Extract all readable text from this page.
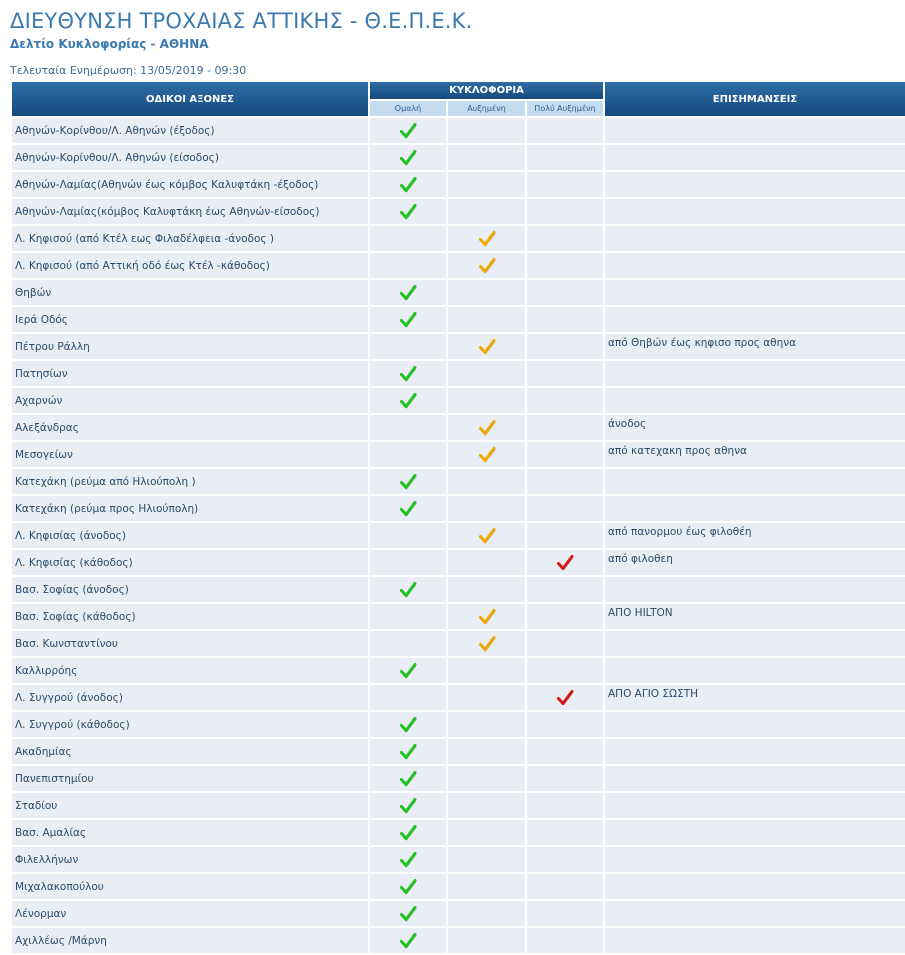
ΔΙΕΥΘΥΝΣΗ ΤΡΟΧΑΙΑΣ ΑΤΤΙΚΗΣ - Θ.Ε.Π.Ε.Κ.
Δελτίο Κυκλοφορίας - ΑΘΗΝΑ
Τελευταία Ενημέρωση: 13/05/2019 - 09:30
ΟΔΙΚΟΙ ΑΞΟΝΕΣ	ΚΥΚΛΟΦΟΡΙΑ			ΕΠΙΣΗΜΑΝΣΕΙΣ
	Ομαλή	Αυξημένη	Πολύ Αυξημένη	
Αθηνών-Κορίνθου/Λ. Αθηνών (έξοδος)				
Αθηνών-Κορίνθου/Λ. Αθηνών (είσοδος)				
Αθηνών-Λαμίας(Αθηνών έως κόμβος Καλυφτάκη -έξοδος)				
Αθηνών-Λαμίας(κόμβος Καλυφτάκη έως Αθηνών-είσοδος)				
Λ. Κηφισού (από Κτέλ εως Φιλαδέλφεια -άνοδος )				
Λ. Κηφισού (από Αττική οδό έως Κτέλ -κάθοδος)				
Θηβών				
Ιερά Οδός				
Πέτρου Ράλλη				από Θηβών έως κηφισο προς αθηνα
Πατησίων				
Αχαρνών				
Αλεξάνδρας				άνοδος
Μεσογείων				από κατεχακη προς αθηνα
Κατεχάκη (ρεύμα από Ηλιούπολη )				
Κατεχάκη (ρεύμα προς Ηλιούπολη)				
Λ. Κηφισίας (άνοδος)				από πανορμου έως φιλοθέη
Λ. Κηφισίας (κάθοδος)				από φιλοθεη
Βασ. Σοφίας (άνοδος)				
Βασ. Σοφίας (κάθοδος)				ΑΠΟ HILTON
Βασ. Κωνσταντίνου				
Καλλιρρόης				
Λ. Συγγρού (άνοδος)				ΑΠΟ ΑΓΙΟ ΣΩΣΤΗ
Λ. Συγγρού (κάθοδος)				
Ακαδημίας				
Πανεπιστημίου				
Σταδίου				
Βασ. Αμαλίας				
Φιλελλήνων				
Μιχαλακοπούλου				
Λένορμαν				
Αχιλλέως /Μάρνη				
